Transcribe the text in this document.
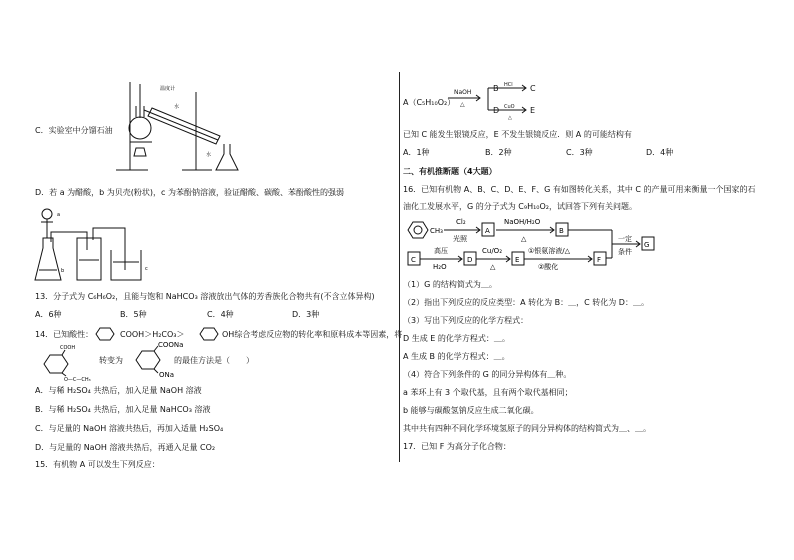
温度计
水
水
C．实验室中分馏石油
D．若 a 为醋酸，b 为贝壳(粉状)，c 为苯酚钠溶液，验证醋酸、碳酸、苯酚酸性的强弱
a
b	c
13．分子式为 C₆H₆O₂，且能与饱和 NaHCO₃ 溶液放出气体的芳香族化合物共有(不含立体异构)
A．6种	B．5种	C．4种	D．3种
14．已知酸性：	COOH＞H₂CO₃＞	OH综合考虑反应物的转化率和原料成本等因素，将
COOH
O—C—CH₃
转变为
COONa
ONa
的最佳方法是（　　）
A．与稀 H₂SO₄ 共热后，加入足量 NaOH 溶液
B．与稀 H₂SO₄ 共热后，加入足量 NaHCO₃ 溶液
C．与足量的 NaOH 溶液共热后，再加入适量 H₂SO₄
D．与足量的 NaOH 溶液共热后，再通入足量 CO₂
15．有机物 A 可以发生下列反应：
A（C₅H₁₀O₂）
NaOH
△
B HCl C
D CuO
△
E
已知 C 能发生银镜反应，E 不发生银镜反应．则 A 的可能结构有
A．1种	B．2种	C．3种	D．4种
二、有机推断题（4大题）
16．已知有机物 A、B、C、D、E、F、G 有如图转化关系，其中 C 的产量可用来衡量一个国家的石
油化工发展水平，G 的分子式为 C₉H₁₀O₂，试回答下列有关问题。
CH₃
Cl₂
光照
A
NaOH/H₂O
△
B
一定
条件
G
C
高压
H₂O
D
Cu/O₂
△
E
①银氨溶液/△
②酸化
F
（1）G 的结构简式为＿。
（2）指出下列反应的反应类型：A 转化为 B：＿，C 转化为 D：＿。
（3）写出下列反应的化学方程式：
D 生成 E 的化学方程式：＿。
A 生成 B 的化学方程式：＿。
（4）符合下列条件的 G 的同分异构体有＿种。
a 苯环上有 3 个取代基，且有两个取代基相同；
b 能够与碳酸氢钠反应生成二氧化碳。
其中共有四种不同化学环境氢原子的同分异构体的结构简式为＿、＿。
17．已知 F 为高分子化合物：
